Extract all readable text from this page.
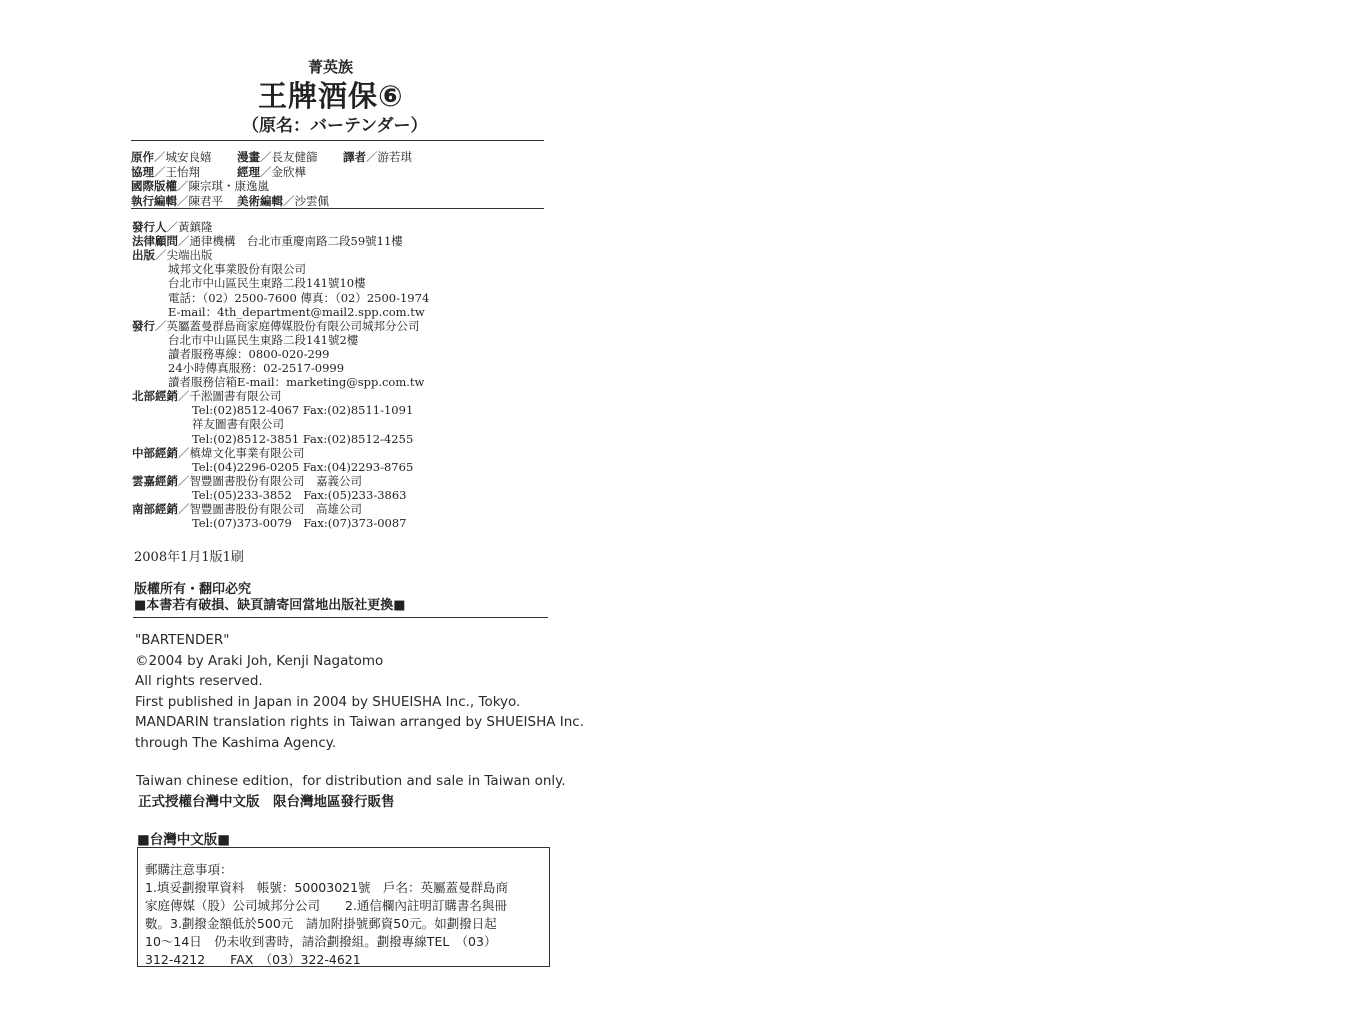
菁英族
王牌酒保⑥
（原名：バーテンダー）
原作／城安良嬉 漫畫／長友健篩 譯者／游若琪
協理／王怡翔	經理／金欣樺
國際版權／陳宗琪・康逸嵐
執行編輯／陳君平 美術編輯／沙雲佩
發行人／黃鎮隆
法律顧問／通律機構　台北市重慶南路二段59號11樓
出版／尖端出版
城邦文化事業股份有限公司
台北市中山區民生東路二段141號10樓
電話：（02）2500-7600 傳真：（02）2500-1974
E-mail：4th_department@mail2.spp.com.tw
發行／英屬蓋曼群島商家庭傳媒股份有限公司城邦分公司
台北市中山區民生東路二段141號2樓
讀者服務專線：0800-020-299
24小時傳真服務：02-2517-0999
讀者服務信箱E-mail：marketing@spp.com.tw
北部經銷／千淞圖書有限公司
Tel:(02)8512-4067 Fax:(02)8511-1091
祥友圖書有限公司
Tel:(02)8512-3851 Fax:(02)8512-4255
中部經銷／槙煒文化事業有限公司
Tel:(04)2296-0205 Fax:(04)2293-8765
雲嘉經銷／智豐圖書股份有限公司　嘉義公司
Tel:(05)233-3852　Fax:(05)233-3863
南部經銷／智豐圖書股份有限公司　高雄公司
Tel:(07)373-0079　Fax:(07)373-0087
2008年1月1版1刷
版權所有・翻印必究
■本書若有破損、缺頁請寄回當地出版社更換■
"BARTENDER"
©2004 by Araki Joh, Kenji Nagatomo
All rights reserved.
First published in Japan in 2004 by SHUEISHA Inc., Tokyo.
MANDARIN translation rights in Taiwan arranged by SHUEISHA Inc.
through The Kashima Agency.
Taiwan chinese edition，for distribution and sale in Taiwan only.
正式授權台灣中文版　限台灣地區發行販售
■台灣中文版■
郵購注意事項：
1.填妥劃撥單資料　帳號：50003021號　戶名：英屬蓋曼群島商
家庭傳媒（股）公司城邦分公司　　2.通信欄內註明訂購書名與冊
數。3.劃撥金額低於500元　請加附掛號郵資50元。如劃撥日起
10～14日　仍未收到書時，請洽劃撥組。劃撥專線TEL　（03）
312-4212　　FAX　（03）322-4621
